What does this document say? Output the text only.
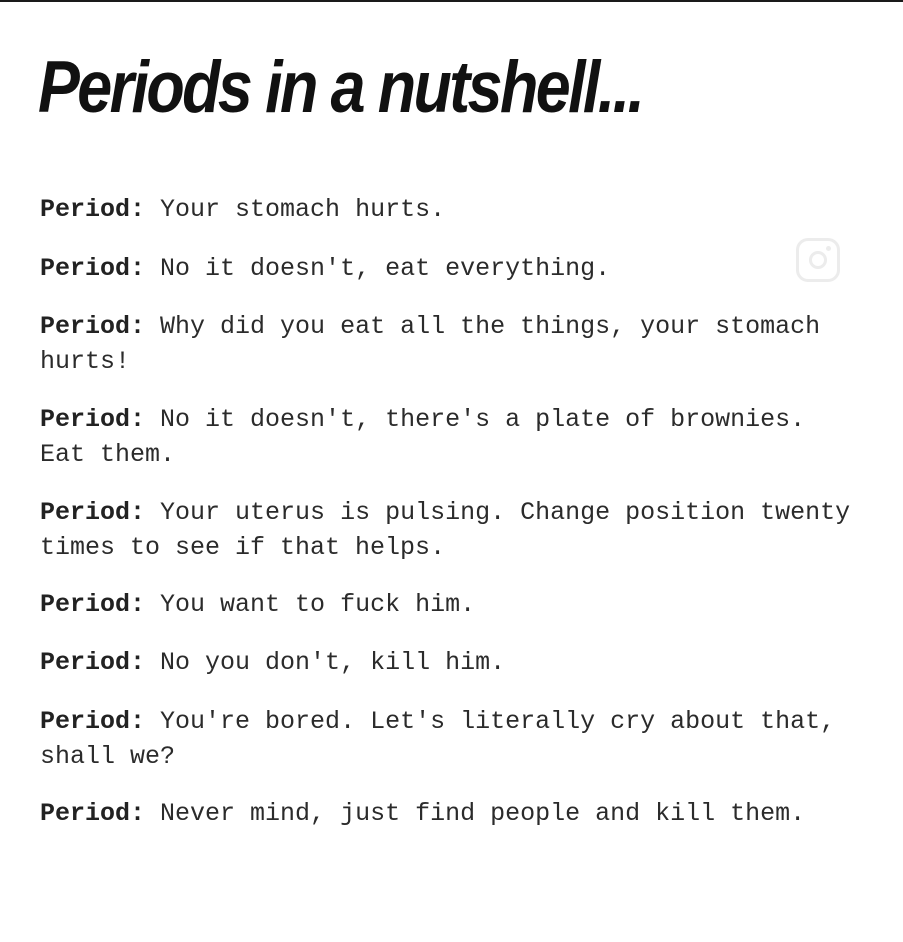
Periods in a nutshell...

Period: Your stomach hurts.

Period: No it doesn't, eat everything.

Period: Why did you eat all the things, your stomach hurts!

Period: No it doesn't, there's a plate of brownies. Eat them.

Period: Your uterus is pulsing. Change position twenty times to see if that helps.

Period: You want to fuck him.

Period: No you don't, kill him.

Period: You're bored. Let's literally cry about that, shall we?

Period: Never mind, just find people and kill them.
